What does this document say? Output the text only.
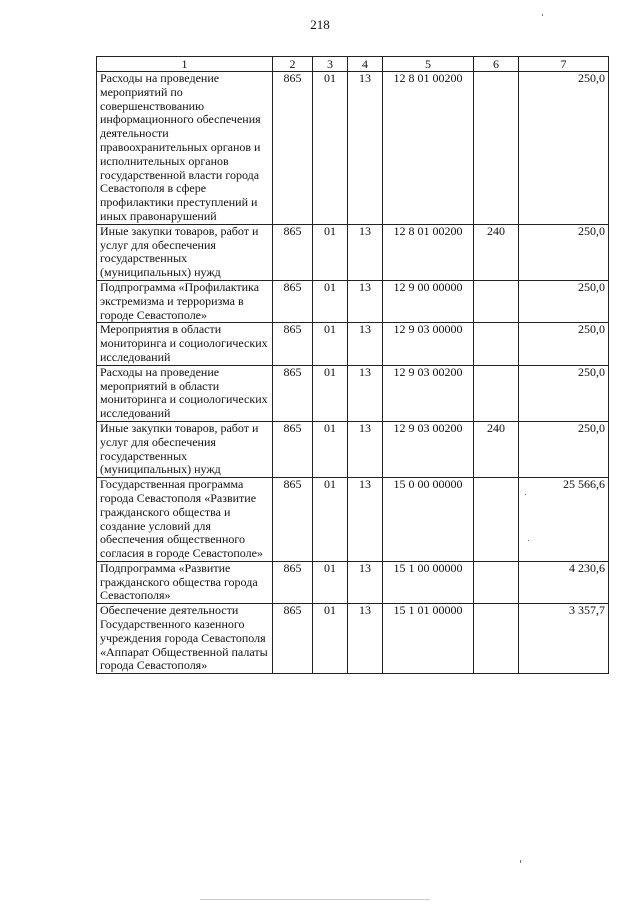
218
1	2	3	4	5	6	7
Расходы на проведение мероприятий по совершенствованию информационного обеспечения деятельности правоохранительных органов и исполнительных органов государственной власти города Севастополя в сфере профилактики преступлений и иных правонарушений	865	01	13	12 8 01 00200		250,0
Иные закупки товаров, работ и услуг для обеспечения государственных (муниципальных) нужд	865	01	13	12 8 01 00200	240	250,0
Подпрограмма «Профилактика экстремизма и терроризма в городе Севастополе»	865	01	13	12 9 00 00000		250,0
Мероприятия в области мониторинга и социологических исследований	865	01	13	12 9 03 00000		250,0
Расходы на проведение мероприятий в области мониторинга и социологических исследований	865	01	13	12 9 03 00200		250,0
Иные закупки товаров, работ и услуг для обеспечения государственных (муниципальных) нужд	865	01	13	12 9 03 00200	240	250,0
Государственная программа города Севастополя «Развитие гражданского общества и создание условий для обеспечения общественного согласия в городе Севастополе»	865	01	13	15 0 00 00000		25 566,6
Подпрограмма «Развитие гражданского общества города Севастополя»	865	01	13	15 1 00 00000		4 230,6
Обеспечение деятельности Государственного казенного учреждения города Севастополя «Аппарат Общественной палаты города Севастополя»	865	01	13	15 1 01 00000		3 357,7
